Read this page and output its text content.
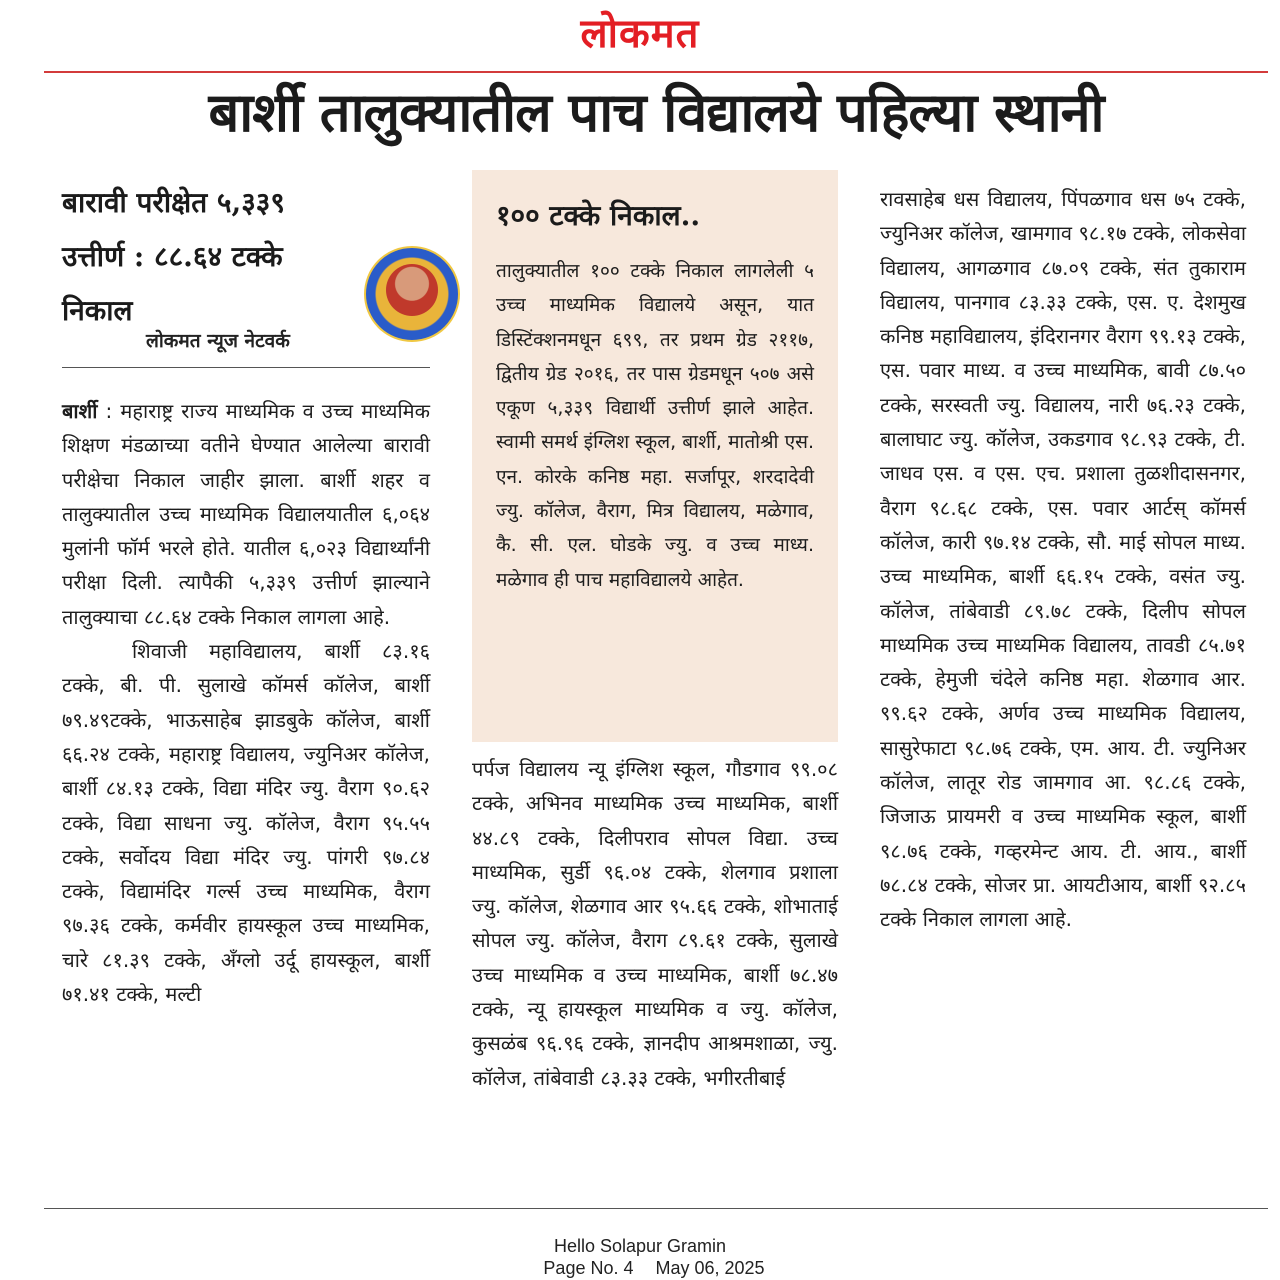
लोकमत
बार्शी तालुक्यातील पाच विद्यालये पहिल्या स्थानी
बारावी परीक्षेत ५,३३९
उत्तीर्ण : ८८.६४ टक्के
निकाल
लोकमत न्यूज नेटवर्क

बार्शी : महाराष्ट्र राज्य माध्यमिक व उच्च माध्यमिक शिक्षण मंडळाच्या वतीने घेण्यात आलेल्या बारावी परीक्षेचा निकाल जाहीर झाला. बार्शी शहर व तालुक्यातील उच्च माध्यमिक विद्यालयातील ६,०६४ मुलांनी फॉर्म भरले होते. यातील ६,०२३ विद्यार्थ्यांनी परीक्षा दिली. त्यापैकी ५,३३९ उत्तीर्ण झाल्याने तालुक्याचा ८८.६४ टक्के निकाल लागला आहे.

शिवाजी महाविद्यालय, बार्शी ८३.१६ टक्के, बी. पी. सुलाखे कॉमर्स कॉलेज, बार्शी ७९.४९टक्के, भाऊसाहेब झाडबुके कॉलेज, बार्शी ६६.२४ टक्के, महाराष्ट्र विद्यालय, ज्युनिअर कॉलेज, बार्शी ८४.१३ टक्के, विद्या मंदिर ज्यु. वैराग ९०.६२ टक्के, विद्या साधना ज्यु. कॉलेज, वैराग ९५.५५ टक्के, सर्वोदय विद्या मंदिर ज्यु. पांगरी ९७.८४ टक्के, विद्यामंदिर गर्ल्स उच्च माध्यमिक, वैराग ९७.३६ टक्के, कर्मवीर हायस्कूल उच्च माध्यमिक, चारे ८१.३९ टक्के, अँग्लो उर्दू हायस्कूल, बार्शी ७१.४१ टक्के, मल्टी

१०० टक्के निकाल..
तालुक्यातील १०० टक्के निकाल लागलेली ५ उच्च माध्यमिक विद्यालये असून, यात डिस्टिंक्शनमधून ६९९, तर प्रथम ग्रेड २११७, द्वितीय ग्रेड २०१६, तर पास ग्रेडमधून ५०७ असे एकूण ५,३३९ विद्यार्थी उत्तीर्ण झाले आहेत. स्वामी समर्थ इंग्लिश स्कूल, बार्शी, मातोश्री एस. एन. कोरके कनिष्ठ महा. सर्जापूर, शरदादेवी ज्यु. कॉलेज, वैराग, मित्र विद्यालय, मळेगाव, कै. सी. एल. घोडके ज्यु. व उच्च माध्य. मळेगाव ही पाच महाविद्यालये आहेत.
पर्पज विद्यालय न्यू इंग्लिश स्कूल, गौडगाव ९९.०८ टक्के, अभिनव माध्यमिक उच्च माध्यमिक, बार्शी ४४.८९ टक्के, दिलीपराव सोपल विद्या. उच्च माध्यमिक, सुर्डी ९६.०४ टक्के, शेलगाव प्रशाला ज्यु. कॉलेज, शेळगाव आर ९५.६६ टक्के, शोभाताई सोपल ज्यु. कॉलेज, वैराग ८९.६१ टक्के, सुलाखे उच्च माध्यमिक व उच्च माध्यमिक, बार्शी ७८.४७ टक्के, न्यू हायस्कूल माध्यमिक व ज्यु. कॉलेज, कुसळंब ९६.९६ टक्के, ज्ञानदीप आश्रमशाळा, ज्यु. कॉलेज, तांबेवाडी ८३.३३ टक्के, भगीरतीबाई
रावसाहेब धस विद्यालय, पिंपळगाव धस ७५ टक्के, ज्युनिअर कॉलेज, खामगाव ९८.१७ टक्के, लोकसेवा विद्यालय, आगळगाव ८७.०९ टक्के, संत तुकाराम विद्यालय, पानगाव ८३.३३ टक्के, एस. ए. देशमुख कनिष्ठ महाविद्यालय, इंदिरानगर वैराग ९९.१३ टक्के, एस. पवार माध्य. व उच्च माध्यमिक, बावी ८७.५० टक्के, सरस्वती ज्यु. विद्यालय, नारी ७६.२३ टक्के, बालाघाट ज्यु. कॉलेज, उकडगाव ९८.९३ टक्के, टी. जाधव एस. व एस. एच. प्रशाला तुळशीदासनगर, वैराग ९८.६८ टक्के, एस. पवार आर्टस् कॉमर्स कॉलेज, कारी ९७.१४ टक्के, सौ. माई सोपल माध्य. उच्च माध्यमिक, बार्शी ६६.१५ टक्के, वसंत ज्यु. कॉलेज, तांबेवाडी ८९.७८ टक्के, दिलीप सोपल माध्यमिक उच्च माध्यमिक विद्यालय, तावडी ८५.७१ टक्के, हेमुजी चंदेले कनिष्ठ महा. शेळगाव आर. ९९.६२ टक्के, अर्णव उच्च माध्यमिक विद्यालय, सासुरेफाटा ९८.७६ टक्के, एम. आय. टी. ज्युनिअर कॉलेज, लातूर रोड जामगाव आ. ९८.८६ टक्के, जिजाऊ प्रायमरी व उच्च माध्यमिक स्कूल, बार्शी ९८.७६ टक्के, गव्हरमेन्ट आय. टी. आय., बार्शी ७८.८४ टक्के, सोजर प्रा. आयटीआय, बार्शी ९२.८५ टक्के निकाल लागला आहे.
Hello Solapur Gramin
Page No. 4 May 06, 2025
